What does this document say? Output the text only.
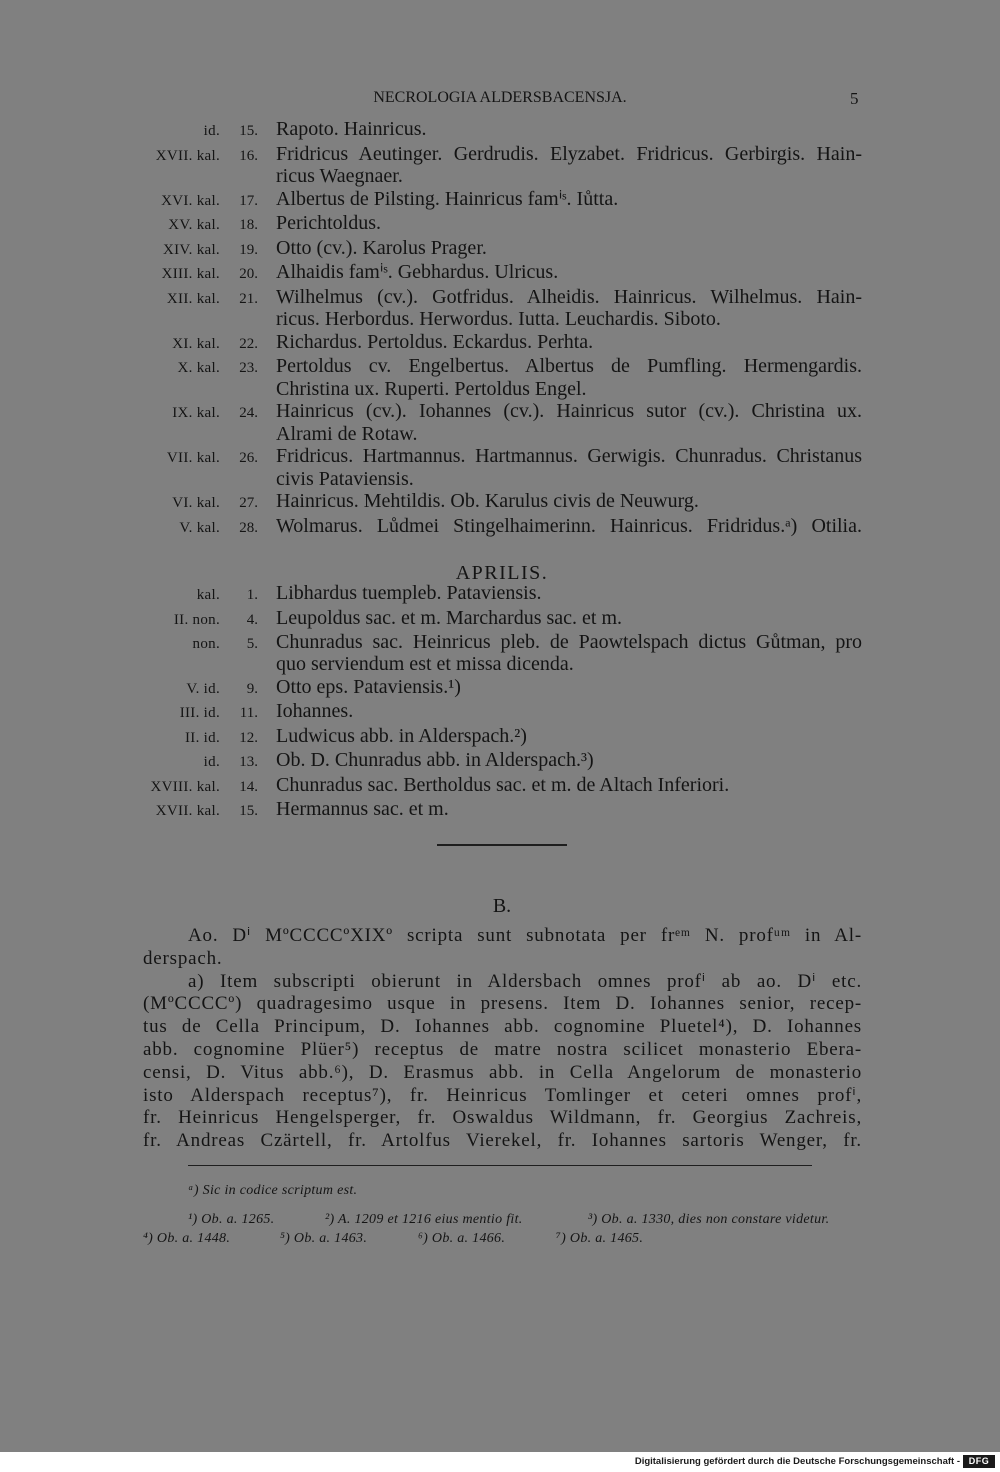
NECROLOGIA ALDERSBACENSJA.	5
id.	15. Rapoto. Hainricus.
XVII. kal.	16. Fridricus Aeutinger. Gerdrudis. Elyzabet. Fridricus. Gerbirgis. Hain-
ricus Waegnaer.
XVI. kal.	17. Albertus de Pilsting. Hainricus famⁱˢ. Iůtta.
XV. kal.	18. Perichtoldus.
XIV. kal.	19. Otto (cv.). Karolus Prager.
XIII. kal.	20. Alhaidis famⁱˢ. Gebhardus. Ulricus.
XII. kal.	21. Wilhelmus (cv.). Gotfridus. Alheidis. Hainricus. Wilhelmus. Hain-
ricus. Herbordus. Herwordus. Iutta. Leuchardis. Siboto.
XI. kal.	22. Richardus. Pertoldus. Eckardus. Perhta.
X. kal.	23. Pertoldus cv. Engelbertus. Albertus de Pumfling. Hermengardis.
Christina ux. Ruperti. Pertoldus Engel.
IX. kal.	24. Hainricus (cv.). Iohannes (cv.). Hainricus sutor (cv.). Christina ux.
Alrami de Rotaw.
VII. kal.	26. Fridricus. Hartmannus. Hartmannus. Gerwigis. Chunradus. Christanus
civis Pataviensis.
VI. kal.	27. Hainricus. Mehtildis. Ob. Karulus civis de Neuwurg.
V. kal.	28. Wolmarus. Lůdmei Stingelhaimerinn. Hainricus. Fridridus.ᵃ) Otilia.
APRILIS.
kal.	1. Libhardus tuempleb. Pataviensis.
II. non.	4. Leupoldus sac. et m. Marchardus sac. et m.
non.	5. Chunradus sac. Heinricus pleb. de Paowtelspach dictus Gůtman, pro
quo serviendum est et missa dicenda.
V. id.	9. Otto eps. Pataviensis.¹)
III. id.	11. Iohannes.
II. id.	12. Ludwicus abb. in Alderspach.²)
id.	13. Ob. D. Chunradus abb. in Alderspach.³)
XVIII. kal.	14. Chunradus sac. Bertholdus sac. et m. de Altach Inferiori.
XVII. kal.	15. Hermannus sac. et m.
B.
Ao. Dⁱ MºCCCCºXIXº scripta sunt subnotata per frᵉᵐ N. profᵘᵐ in Al-
derspach.
a) Item subscripti obierunt in Aldersbach omnes profⁱ ab ao. Dⁱ etc.
(MºCCCCº) quadragesimo usque in presens. Item D. Iohannes senior, recep-
tus de Cella Principum, D. Iohannes abb. cognomine Pluetel⁴), D. Iohannes
abb. cognomine Plüer⁵) receptus de matre nostra scilicet monasterio Ebera-
censi, D. Vitus abb.⁶), D. Erasmus abb. in Cella Angelorum de monasterio
isto Alderspach receptus⁷), fr. Heinricus Tomlinger et ceteri omnes profⁱ,
fr. Heinricus Hengelsperger, fr. Oswaldus Wildmann, fr. Georgius Zachreis,
fr. Andreas Czärtell, fr. Artolfus Vierekel, fr. Iohannes sartoris Wenger, fr.
ᵃ) Sic in codice scriptum est.
¹) Ob. a. 1265.	²) A. 1209 et 1216 eius mentio fit.	³) Ob. a. 1330, dies non constare videtur.
⁴) Ob. a. 1448.	⁵) Ob. a. 1463.	⁶) Ob. a. 1466.	⁷) Ob. a. 1465.
Digitalisierung gefördert durch die Deutsche Forschungsgemeinschaft - DFG
